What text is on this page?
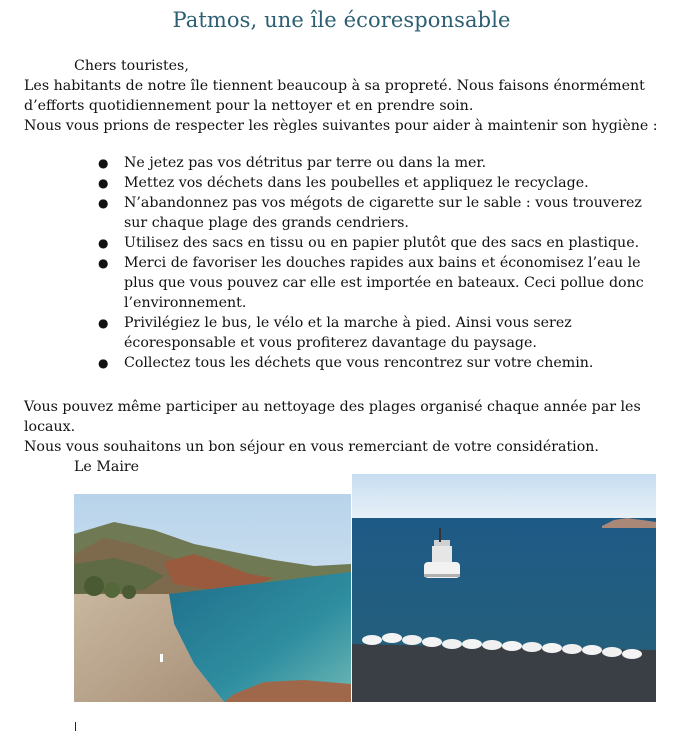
Patmos, une île écoresponsable
Chers touristes,
Les habitants de notre île tiennent beaucoup à sa propreté. Nous faisons énormément
d’efforts quotidiennement pour la nettoyer et en prendre soin.
Nous vous prions de respecter les règles suivantes pour aider à maintenir son hygiène :
● Ne jetez pas vos détritus par terre ou dans la mer.
● Mettez vos déchets dans les poubelles et appliquez le recyclage.
● N’abandonnez pas vos mégots de cigarette sur le sable : vous trouverez
sur chaque plage des grands cendriers.
● Utilisez des sacs en tissu ou en papier plutôt que des sacs en plastique.
● Merci de favoriser les douches rapides aux bains et économisez l’eau le
plus que vous pouvez car elle est importée en bateaux. Ceci pollue donc
l’environnement.
● Privilégiez le bus, le vélo et la marche à pied. Ainsi vous serez
écoresponsable et vous profiterez davantage du paysage.
● Collectez tous les déchets que vous rencontrez sur votre chemin.
Vous pouvez même participer au nettoyage des plages organisé chaque année par les
locaux.
Nous vous souhaitons un bon séjour en vous remerciant de votre considération.
Le Maire
